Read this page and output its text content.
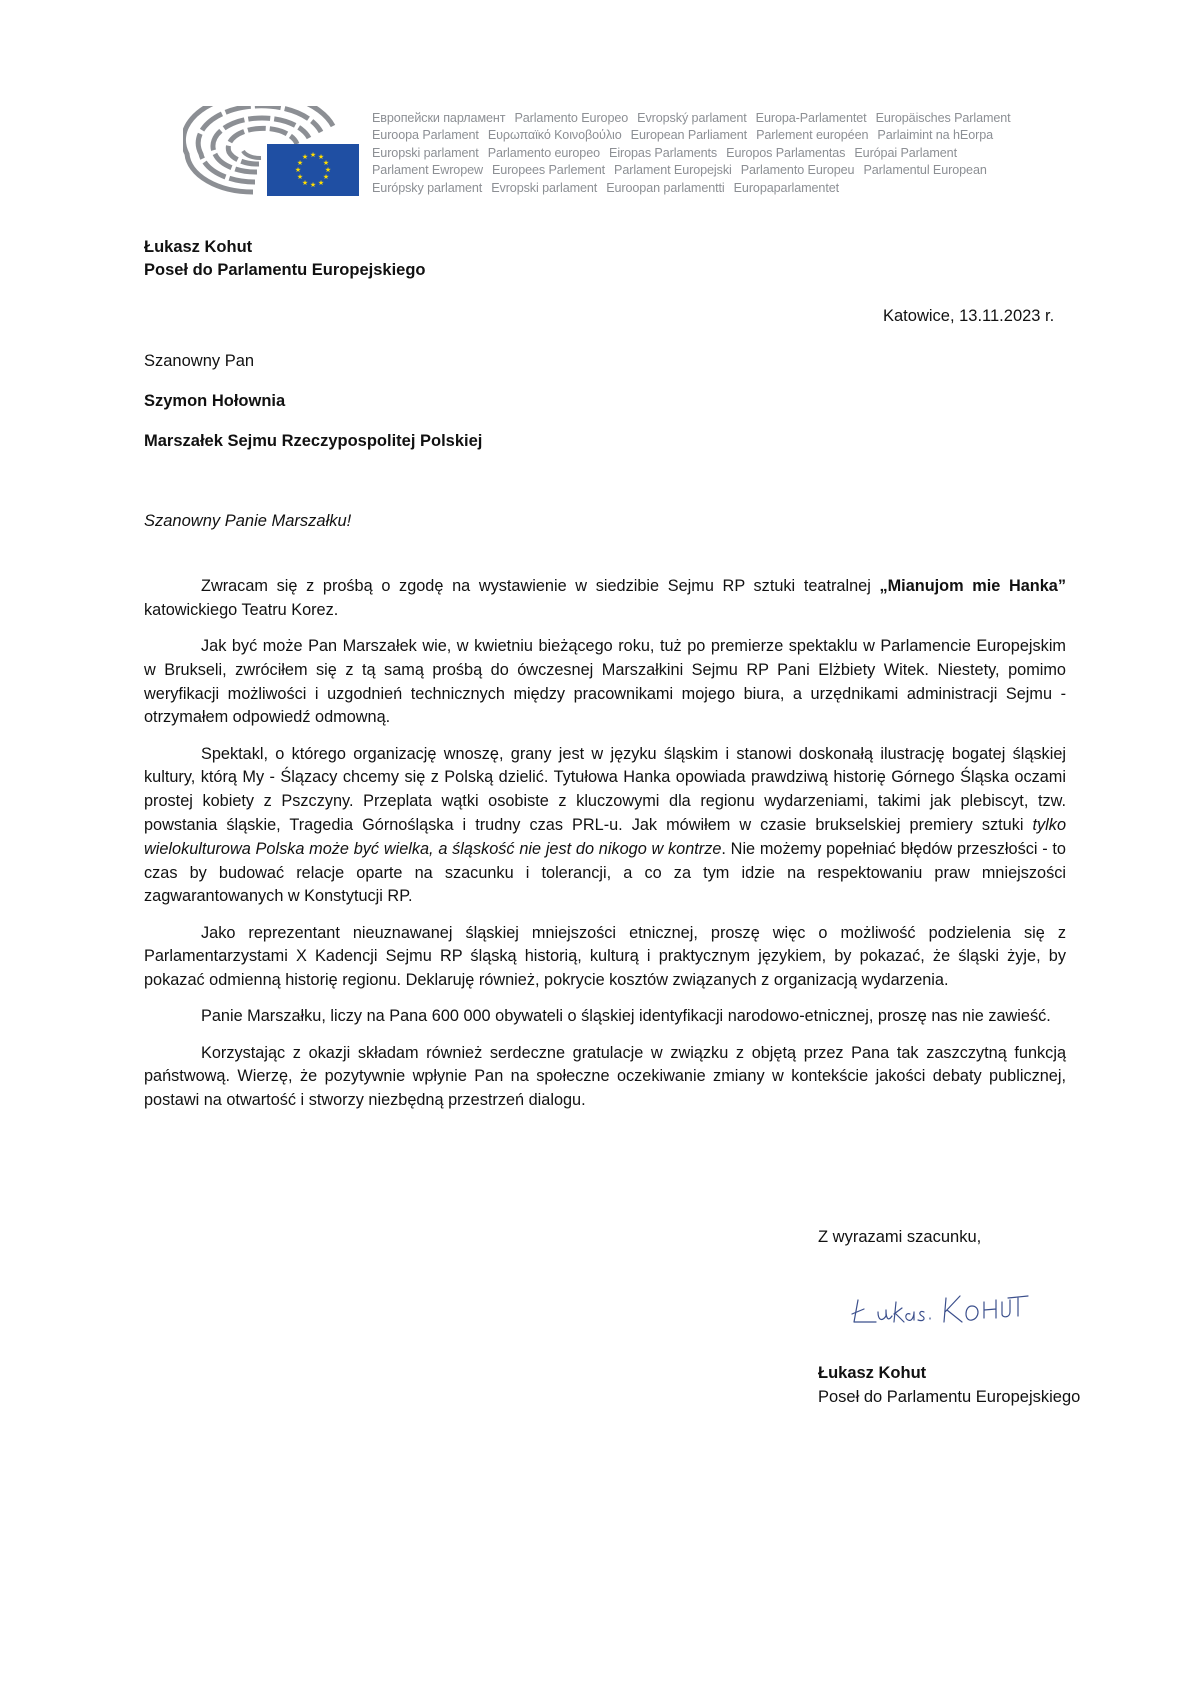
★ ★
★
★
★
★
★
★
★
★
★
★
Европейски парламент Parlamento Europeo Evropský parlament Europa-Parlamentet Europäisches Parlament
Euroopa Parlament Ευρωπαϊκό Κοινοβούλιο European Parliament Parlement européen Parlaimint na hEorpa
Europski parlament Parlamento europeo Eiropas Parlaments Europos Parlamentas Európai Parlament
Parlament Ewropew Europees Parlement Parlament Europejski Parlamento Europeu Parlamentul European
Európsky parlament Evropski parlament Euroopan parlamentti Europaparlamentet
Łukasz Kohut
Poseł do Parlamentu Europejskiego
Katowice, 13.11.2023 r.
Szanowny Pan
Szymon Hołownia
Marszałek Sejmu Rzeczypospolitej Polskiej
Szanowny Panie Marszałku!

Zwracam się z prośbą o zgodę na wystawienie w siedzibie Sejmu RP sztuki teatralnej „Mianujom mie Hanka” katowickiego Teatru Korez.

Jak być może Pan Marszałek wie, w kwietniu bieżącego roku, tuż po premierze spektaklu w Parlamencie Europejskim w Brukseli, zwróciłem się z tą samą prośbą do ówczesnej Marszałkini Sejmu RP Pani Elżbiety Witek. Niestety, pomimo weryfikacji możliwości i uzgodnień technicznych między pracownikami mojego biura, a urzędnikami administracji Sejmu - otrzymałem odpowiedź odmowną.

Spektakl, o którego organizację wnoszę, grany jest w języku śląskim i stanowi doskonałą ilustrację bogatej śląskiej kultury, którą My - Ślązacy chcemy się z Polską dzielić. Tytułowa Hanka opowiada prawdziwą historię Górnego Śląska oczami prostej kobiety z Pszczyny. Przeplata wątki osobiste z kluczowymi dla regionu wydarzeniami, takimi jak plebiscyt, tzw. powstania śląskie, Tragedia Górnośląska i trudny czas PRL-u. Jak mówiłem w czasie brukselskiej premiery sztuki tylko wielokulturowa Polska może być wielka, a śląskość nie jest do nikogo w kontrze. Nie możemy popełniać błędów przeszłości - to czas by budować relacje oparte na szacunku i tolerancji, a co za tym idzie na respektowaniu praw mniejszości zagwarantowanych w Konstytucji RP.

Jako reprezentant nieuznawanej śląskiej mniejszości etnicznej, proszę więc o możliwość podzielenia się z Parlamentarzystami X Kadencji Sejmu RP śląską historią, kulturą i praktycznym językiem, by pokazać, że śląski żyje, by pokazać odmienną historię regionu. Deklaruję również, pokrycie kosztów związanych z organizacją wydarzenia.

Panie Marszałku, liczy na Pana 600 000 obywateli o śląskiej identyfikacji narodowo-etnicznej, proszę nas nie zawieść.

Korzystając z okazji składam również serdeczne gratulacje w związku z objętą przez Pana tak zaszczytną funkcją państwową. Wierzę, że pozytywnie wpłynie Pan na społeczne oczekiwanie zmiany w kontekście jakości debaty publicznej, postawi na otwartość i stworzy niezbędną przestrzeń dialogu.

Z wyrazami szacunku,
Łukasz Kohut
Poseł do Parlamentu Europejskiego
